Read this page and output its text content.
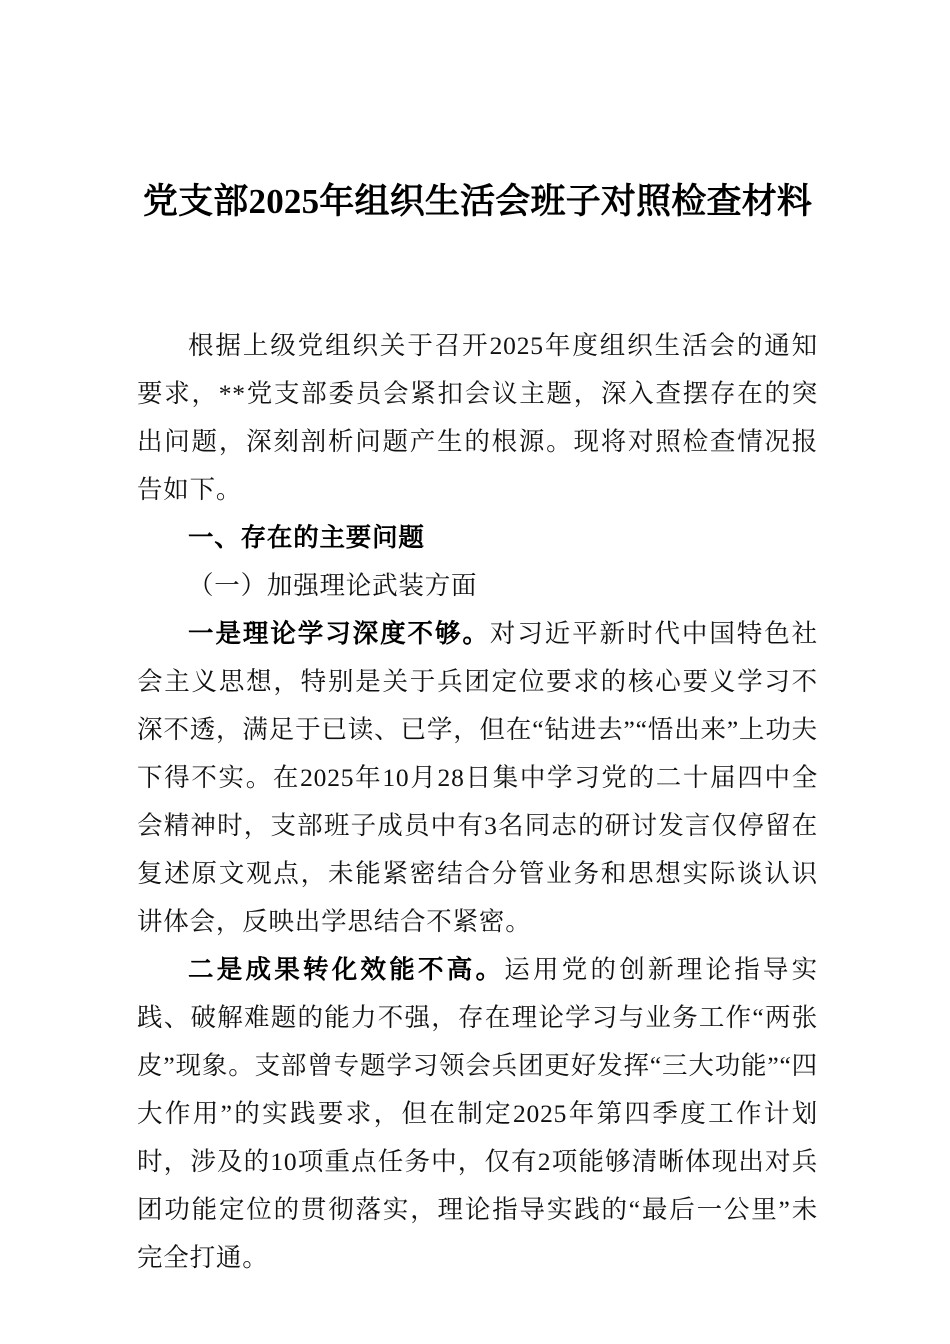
党支部2025年组织生活会班子对照检查材料

根据上级党组织关于召开2025年度组织生活会的通知要求，**党支部委员会紧扣会议主题，深入查摆存在的突出问题，深刻剖析问题产生的根源。现将对照检查情况报告如下。

一、存在的主要问题

（一）加强理论武装方面

一是理论学习深度不够。对习近平新时代中国特色社会主义思想，特别是关于兵团定位要求的核心要义学习不深不透，满足于已读、已学，但在“钻进去”“悟出来”上功夫下得不实。在2025年10月28日集中学习党的二十届四中全会精神时，支部班子成员中有3名同志的研讨发言仅停留在复述原文观点，未能紧密结合分管业务和思想实际谈认识讲体会，反映出学思结合不紧密。

二是成果转化效能不高。运用党的创新理论指导实践、破解难题的能力不强，存在理论学习与业务工作“两张皮”现象。支部曾专题学习领会兵团更好发挥“三大功能”“四大作用”的实践要求，但在制定2025年第四季度工作计划时，涉及的10项重点任务中，仅有2项能够清晰体现出对兵团功能定位的贯彻落实，理论指导实践的“最后一公里”未完全打通。
